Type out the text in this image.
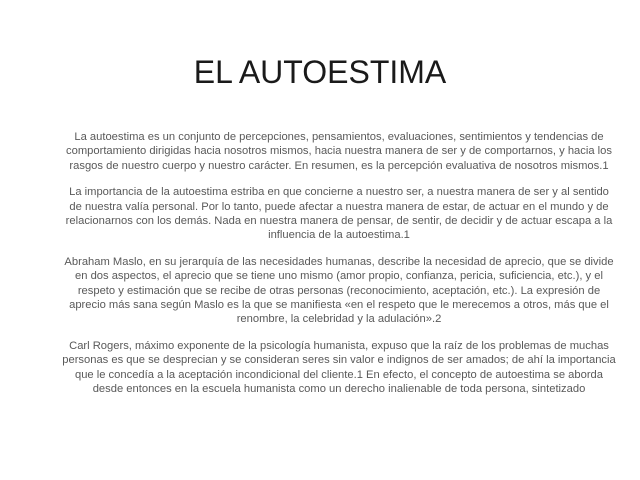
EL AUTOESTIMA

La autoestima es un conjunto de percepciones, pensamientos, evaluaciones, sentimientos y tendencias de comportamiento dirigidas hacia nosotros mismos, hacia nuestra manera de ser y de comportarnos, y hacia los rasgos de nuestro cuerpo y nuestro carácter. En resumen, es la percepción evaluativa de nosotros mismos.1

La importancia de la autoestima estriba en que concierne a nuestro ser, a nuestra manera de ser y al sentido de nuestra valía personal. Por lo tanto, puede afectar a nuestra manera de estar, de actuar en el mundo y de relacionarnos con los demás. Nada en nuestra manera de pensar, de sentir, de decidir y de actuar escapa a la influencia de la autoestima.1

Abraham Maslo, en su jerarquía de las necesidades humanas, describe la necesidad de aprecio, que se divide en dos aspectos, el aprecio que se tiene uno mismo (amor propio, confianza, pericia, suficiencia, etc.), y el respeto y estimación que se recibe de otras personas (reconocimiento, aceptación, etc.). La expresión de aprecio más sana según Maslo es la que se manifiesta «en el respeto que le merecemos a otros, más que el renombre, la celebridad y la adulación».2

Carl Rogers, máximo exponente de la psicología humanista, expuso que la raíz de los problemas de muchas personas es que se desprecian y se consideran seres sin valor e indignos de ser amados; de ahí la importancia que le concedía a la aceptación incondicional del cliente.1 En efecto, el concepto de autoestima se aborda desde entonces en la escuela humanista como un derecho inalienable de toda persona, sintetizado
